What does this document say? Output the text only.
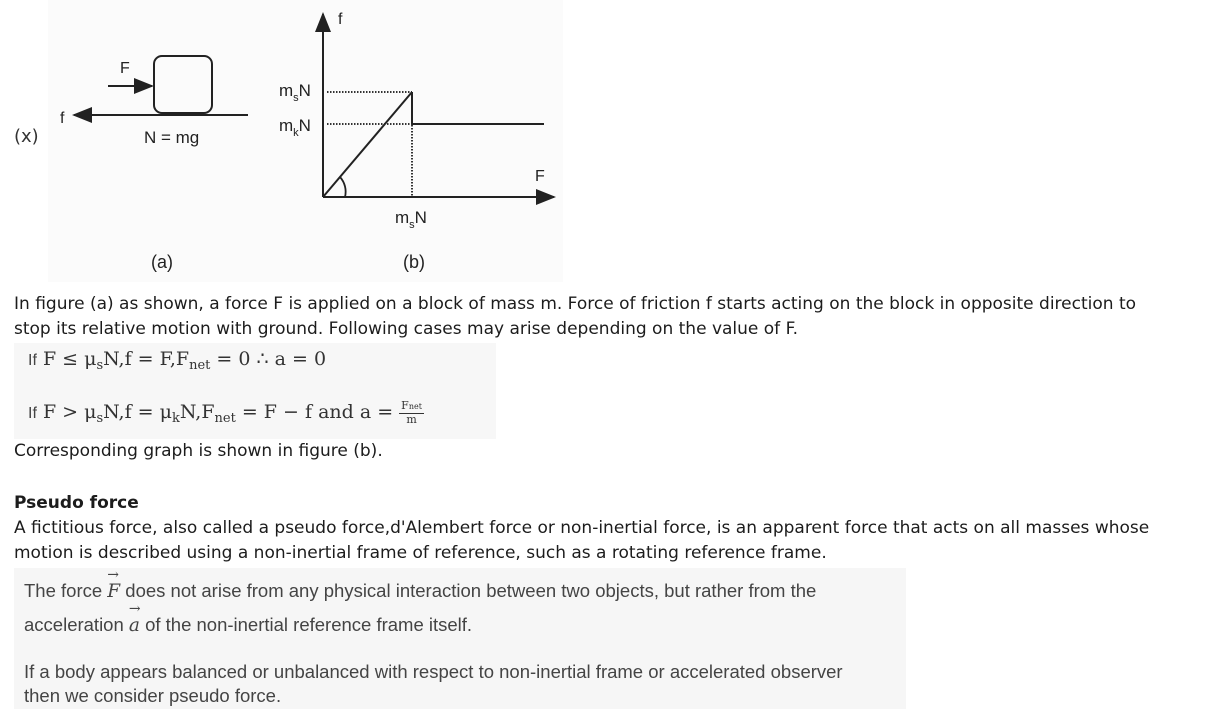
(x)
F
f
N = mg
(a)
f
F
$m_sN$
$m_kN$
$m_sN$
(b)

In figure (a) as shown, a force F is applied on a block of mass m. Force of friction f starts acting on the block in opposite direction to

stop its relative motion with ground. Following cases may arise depending on the value of F.

If $F \le \mu_sN,f = F,F_{net} = 0$ ∴ a = 0
If $F > \mu_sN,f = \mu_kN,F_{net} = F - f$ and $a = \frac{\text{Fnet}}{m}$

Corresponding graph is shown in figure (b).

Pseudo force

A fictitious force, also called a pseudo force,d'Alembert force or non-inertial force, is an apparent force that acts on all masses whose

motion is described using a non-inertial frame of reference, such as a rotating reference frame.

The force
→
F does not arise from any physical interaction between two objects, but rather from the

acceleration
→
a of the non-inertial reference frame itself.

If a body appears balanced or unbalanced with respect to non-inertial frame or accelerated observer

then we consider pseudo force.
